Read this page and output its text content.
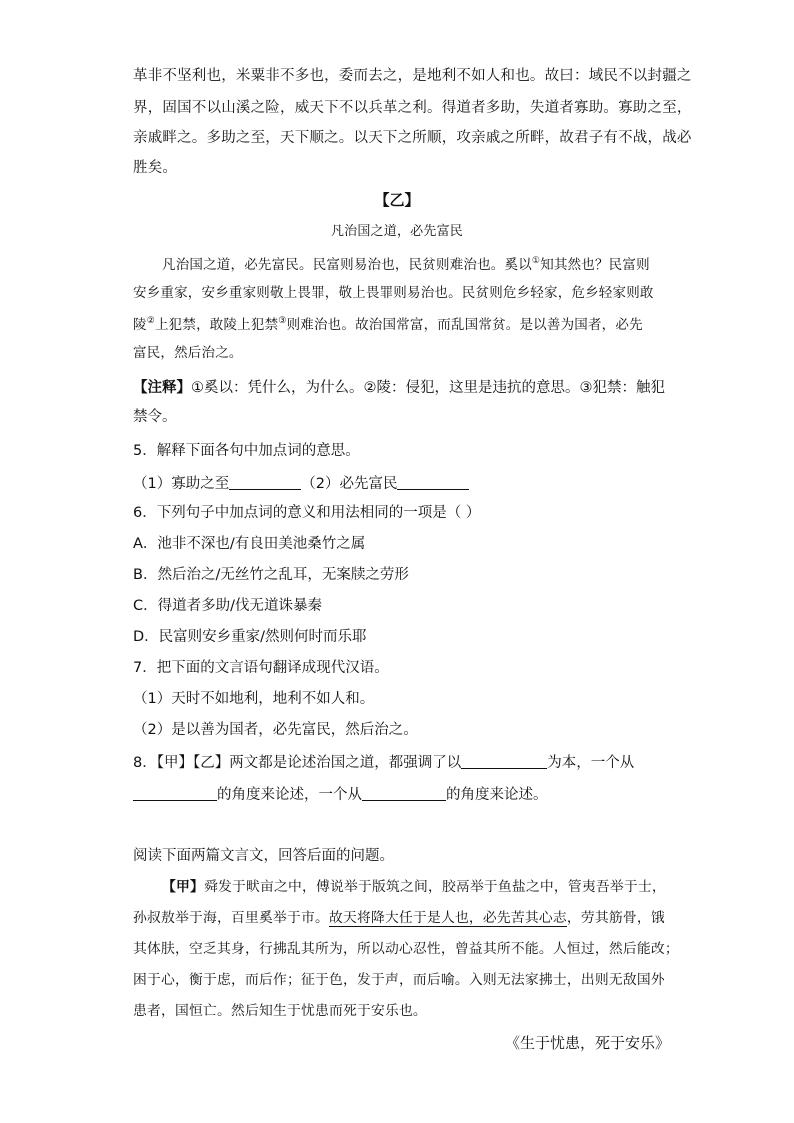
革非不坚利也，米粟非不多也，委而去之，是地利不如人和也。故曰：域民不以封疆之
界，固国不以山溪之险，威天下不以兵革之利。得道者多助，失道者寡助。寡助之至，
亲戚畔之。多助之至，天下顺之。以天下之所顺，攻亲戚之所畔，故君子有不战，战必
胜矣。
【乙】
凡治国之道，必先富民
凡治国之道，必先富民。民富则易治也，民贫则难治也。奚以①知其然也？民富则
安乡重家，安乡重家则敬上畏罪，敬上畏罪则易治也。民贫则危乡轻家，危乡轻家则敢
陵②上犯禁，敢陵上犯禁③则难治也。故治国常富，而乱国常贫。是以善为国者，必先
富民，然后治之。
【注释】①奚以：凭什么，为什么。②陵：侵犯，这里是违抗的意思。③犯禁：触犯
禁令。
5．解释下面各句中加点词的意思。
（1）寡助之至	（2）必先富民
6．下列句子中加点词的意义和用法相同的一项是（ ）
A．池非不深也/有良田美池桑竹之属
B．然后治之/无丝竹之乱耳，无案牍之劳形
C．得道者多助/伐无道诛暴秦
D．民富则安乡重家/然则何时而乐耶
7．把下面的文言语句翻译成现代汉语。
（1）天时不如地利，地利不如人和。
（2）是以善为国者，必先富民，然后治之。
8．【甲】【乙】两文都是论述治国之道，都强调了以	为本，一个从
的角度来论述，一个从	的角度来论述。
阅读下面两篇文言文，回答后面的问题。
【甲】舜发于畎亩之中，傅说举于版筑之间，胶鬲举于鱼盐之中，管夷吾举于士，
孙叔敖举于海，百里奚举于市。故天将降大任于是人也，必先苦其心志，劳其筋骨，饿
其体肤，空乏其身，行拂乱其所为，所以动心忍性，曾益其所不能。人恒过，然后能改；
困于心，衡于虑，而后作；征于色，发于声，而后喻。入则无法家拂士，出则无敌国外
患者，国恒亡。然后知生于忧患而死于安乐也。
《生于忧患，死于安乐》
